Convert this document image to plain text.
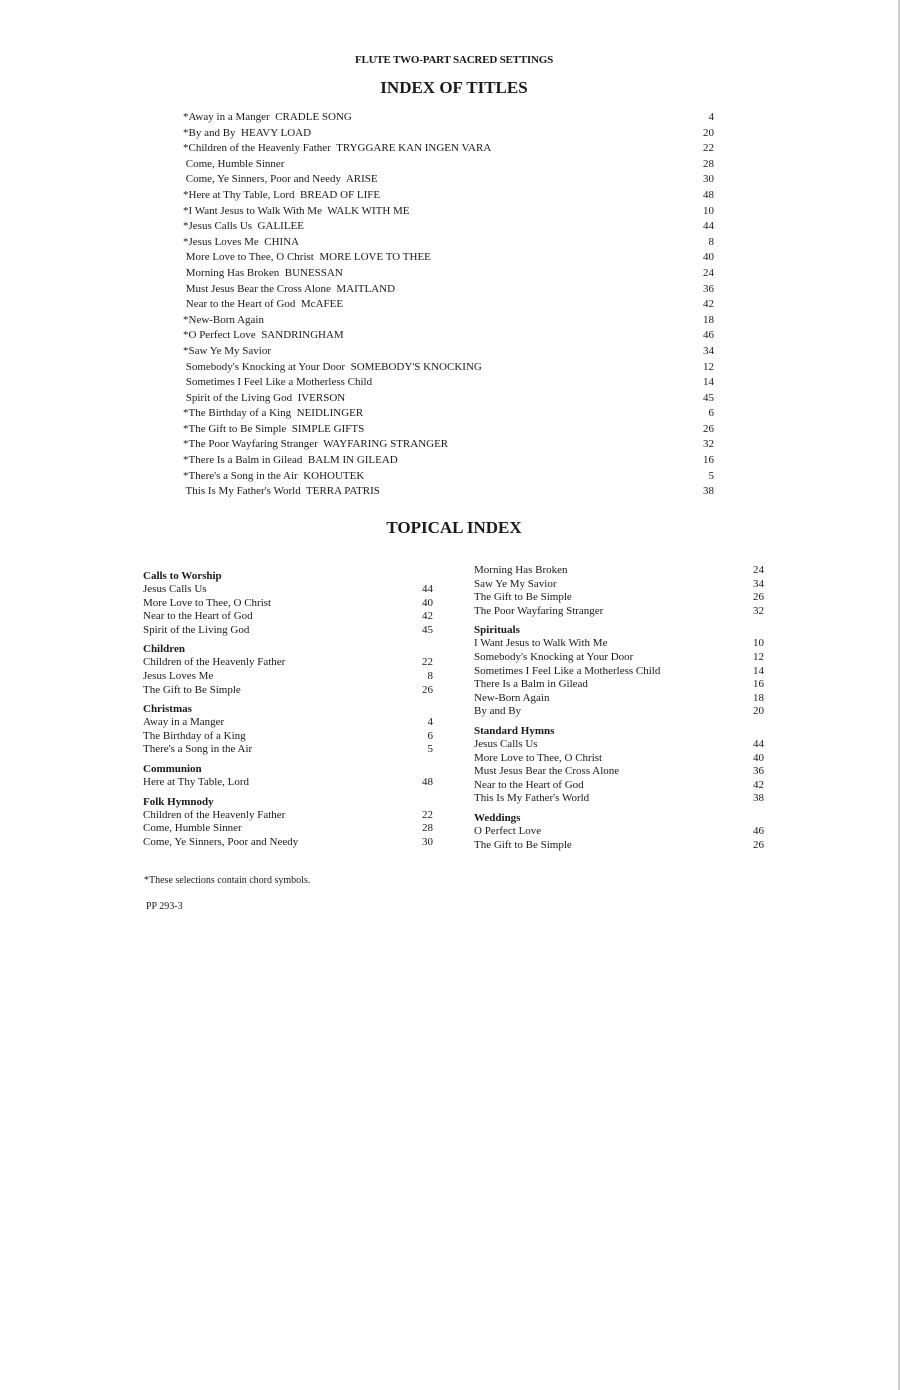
FLUTE TWO-PART SACRED SETTINGS
INDEX OF TITLES
*Away in a Manger  CRADLE SONG	4
*By and By  HEAVY LOAD	20
*Children of the Heavenly Father  TRYGGARE KAN INGEN VARA	22
Come, Humble Sinner	28
Come, Ye Sinners, Poor and Needy  ARISE	30
*Here at Thy Table, Lord  BREAD OF LIFE	48
*I Want Jesus to Walk With Me  WALK WITH ME	10
*Jesus Calls Us  GALILEE	44
*Jesus Loves Me  CHINA	8
More Love to Thee, O Christ  MORE LOVE TO THEE	40
Morning Has Broken  BUNESSAN	24
Must Jesus Bear the Cross Alone  MAITLAND	36
Near to the Heart of God  McAFEE	42
*New-Born Again	18
*O Perfect Love  SANDRINGHAM	46
*Saw Ye My Savior	34
Somebody's Knocking at Your Door  SOMEBODY'S KNOCKING	12
Sometimes I Feel Like a Motherless Child	14
Spirit of the Living God  IVERSON	45
*The Birthday of a King  NEIDLINGER	6
*The Gift to Be Simple  SIMPLE GIFTS	26
*The Poor Wayfaring Stranger  WAYFARING STRANGER	32
*There Is a Balm in Gilead  BALM IN GILEAD	16
*There's a Song in the Air  KOHOUTEK	5
This Is My Father's World  TERRA PATRIS	38
TOPICAL INDEX
Calls to Worship
Jesus Calls Us	44
More Love to Thee, O Christ	40
Near to the Heart of God	42
Spirit of the Living God	45
Children
Children of the Heavenly Father	22
Jesus Loves Me	8
The Gift to Be Simple	26
Christmas
Away in a Manger	4
The Birthday of a King	6
There's a Song in the Air	5
Communion
Here at Thy Table, Lord	48
Folk Hymnody
Children of the Heavenly Father	22
Come, Humble Sinner	28
Come, Ye Sinners, Poor and Needy	30
Morning Has Broken	24
Saw Ye My Savior	34
The Gift to Be Simple	26
The Poor Wayfaring Stranger	32
Spirituals
I Want Jesus to Walk With Me	10
Somebody's Knocking at Your Door	12
Sometimes I Feel Like a Motherless Child	14
There Is a Balm in Gilead	16
New-Born Again	18
By and By	20
Standard Hymns
Jesus Calls Us	44
More Love to Thee, O Christ	40
Must Jesus Bear the Cross Alone	36
Near to the Heart of God	42
This Is My Father's World	38
Weddings
O Perfect Love	46
The Gift to Be Simple	26
*These selections contain chord symbols.
PP 293-3
